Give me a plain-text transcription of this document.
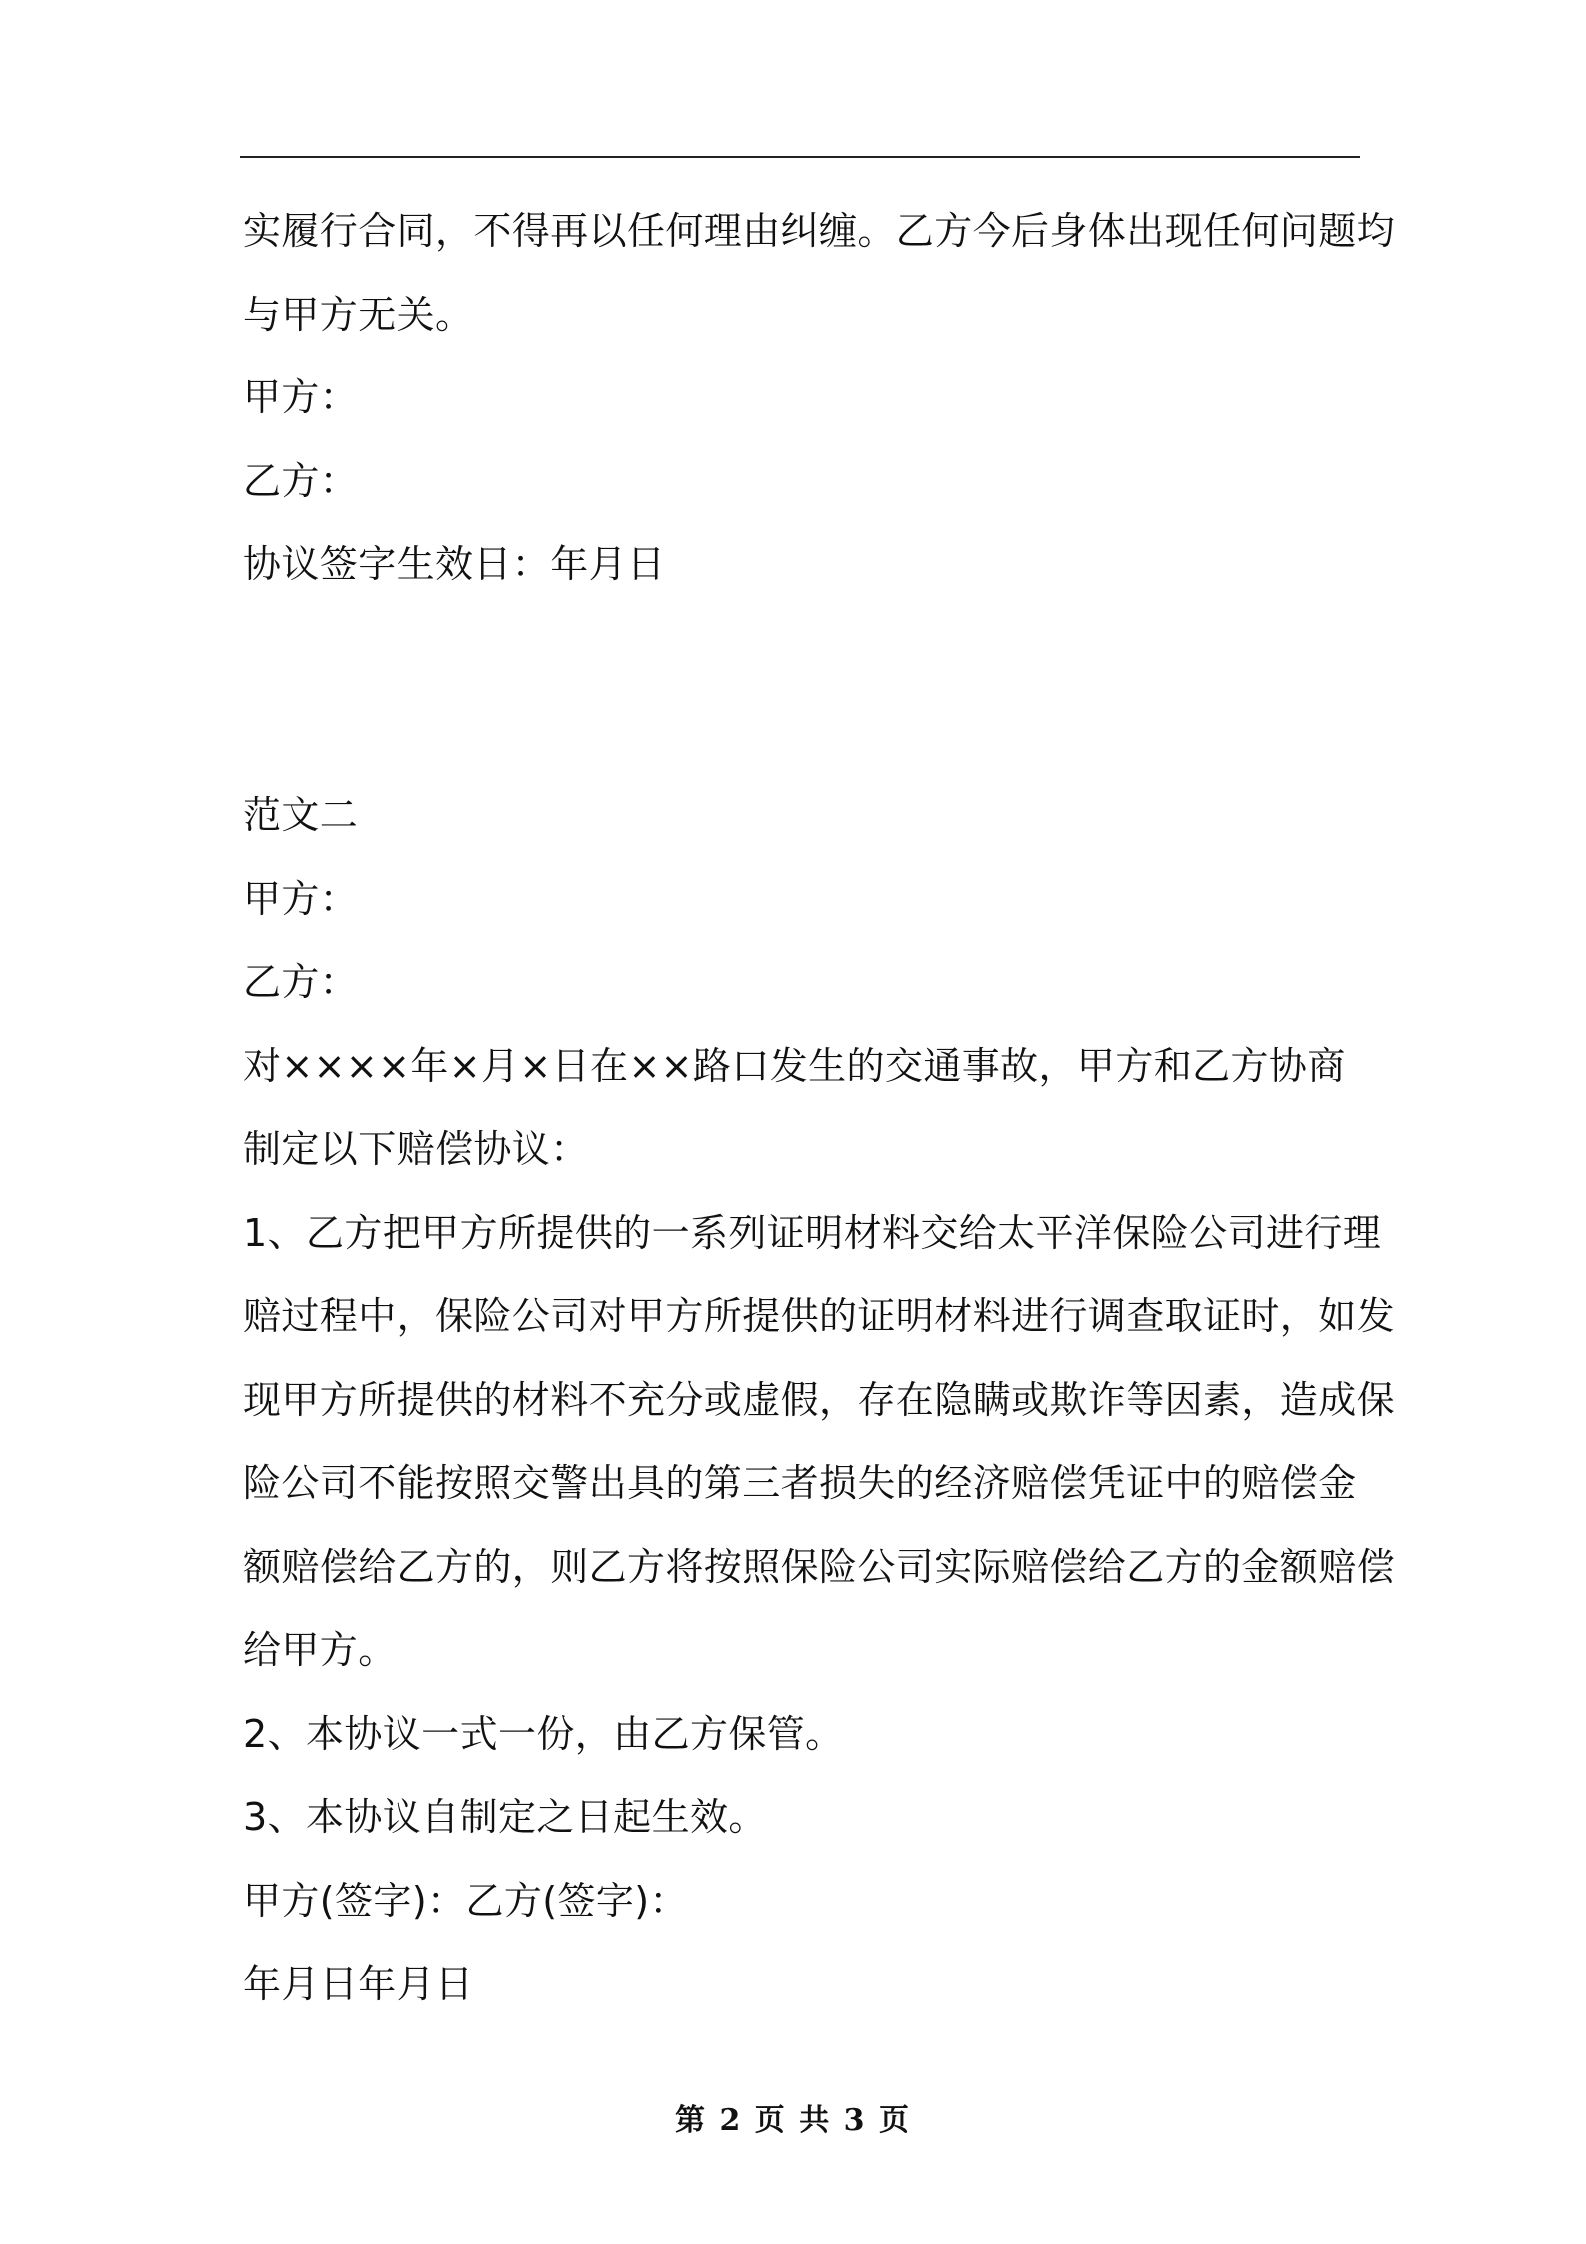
实履行合同，不得再以任何理由纠缠。乙方今后身体出现任何问题均
与甲方无关。
甲方：
乙方：
协议签字生效日：年月日
范文二
甲方：
乙方：
对××××年×月×日在××路口发生的交通事故，甲方和乙方协商
制定以下赔偿协议：
1、乙方把甲方所提供的一系列证明材料交给太平洋保险公司进行理
赔过程中，保险公司对甲方所提供的证明材料进行调查取证时，如发
现甲方所提供的材料不充分或虚假，存在隐瞒或欺诈等因素，造成保
险公司不能按照交警出具的第三者损失的经济赔偿凭证中的赔偿金
额赔偿给乙方的，则乙方将按照保险公司实际赔偿给乙方的金额赔偿
给甲方。
2、本协议一式一份，由乙方保管。
3、本协议自制定之日起生效。
甲方(签字)：乙方(签字)：
年月日年月日
第 2 页 共 3 页
